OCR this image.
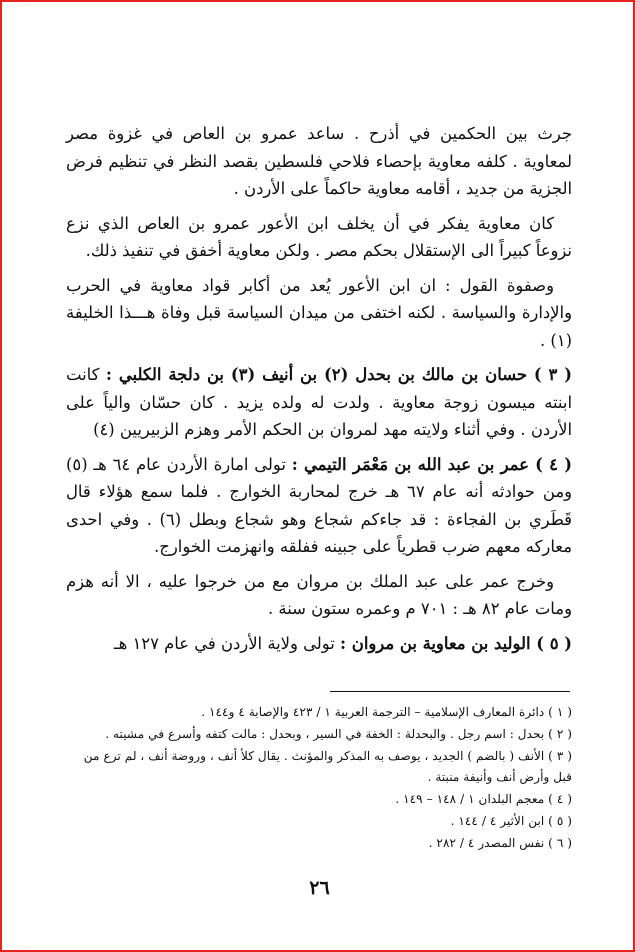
جرث بين الحكمين في أذرح . ساعد عمرو بن العاص في غزوة مصر لمعاوية . كلفه معاوية بإحصاء فلاحي فلسطين بقصد النظر في تنظيم فرض الجزية من جديد ، أقامه معاوية حاكماً على الأردن .

كان معاوية يفكر في أن يخلف ابن الأعور عمرو بن العاص الذي نزع نزوعاً كبيراً الى الإستقلال بحكم مصر . ولكن معاوية أخفق في تنفيذ ذلك.

وصفوة القول : ان ابن الأعور يُعد من أكابر قواد معاوية في الحرب والإدارة والسياسة . لكنه اختفى من ميدان السياسة قبل وفاة هـــذا الخليفة (١) .

( ٣ ) حسان بن مالك بن بحدل (٢) بن أنيف (٣) بن دلجة الكلبي : كانت ابنته ميسون زوجة معاوية . ولدت له ولده يزيد . كان حسّان والياً على الأردن . وفي أثناء ولايته مهد لمروان بن الحكم الأمر وهزم الزبيريين (٤)

( ٤ ) عمر بن عبد الله بن مَعْمَر التيمي : تولى امارة الأردن عام ٦٤ هـ (٥) ومن حوادثه أنه عام ٦٧ هـ خرج لمحاربة الخوارج . فلما سمع هؤلاء قال قَطَري بن الفجاءة : قد جاءكم شجاع وهو شجاع وبطل (٦) . وفي احدى معاركه معهم ضرب قطرياً على جبينه ففلقه وانهزمت الخوارج.

وخرج عمر على عبد الملك بن مروان مع من خرجوا عليه ، الا أنه هزم ومات عام ٨٢ هـ : ٧٠١ م وعمره ستون سنة .

( ٥ ) الوليد بن معاوية بن مروان : تولى ولاية الأردن في عام ١٢٧ هـ

( ١ ) دائرة المعارف الإسلامية – الترجمة العربية ١ / ٤٢٣ والإصابة ٤ و١٤٤ .

( ٢ ) بحدل : اسم رجل . والبحدلة : الخفة في السير ، وبحدل : مالت كتفه وأسرع في مشيته .

( ٣ ) الأنف ( بالضم ) الجديد ، يوصف به المذكر والمؤنث . يقال كلأ أنف ، وروضة أنف ، لم ترع من قبل وأرض أنف وأنيفة منبتة .

( ٤ ) معجم البلدان ١ / ١٤٨ – ١٤٩ .

( ٥ ) ابن الأثير ٤ / ١٤٤ .

( ٦ ) نفس المصدر ٤ / ٢٨٢ .

٢٦
